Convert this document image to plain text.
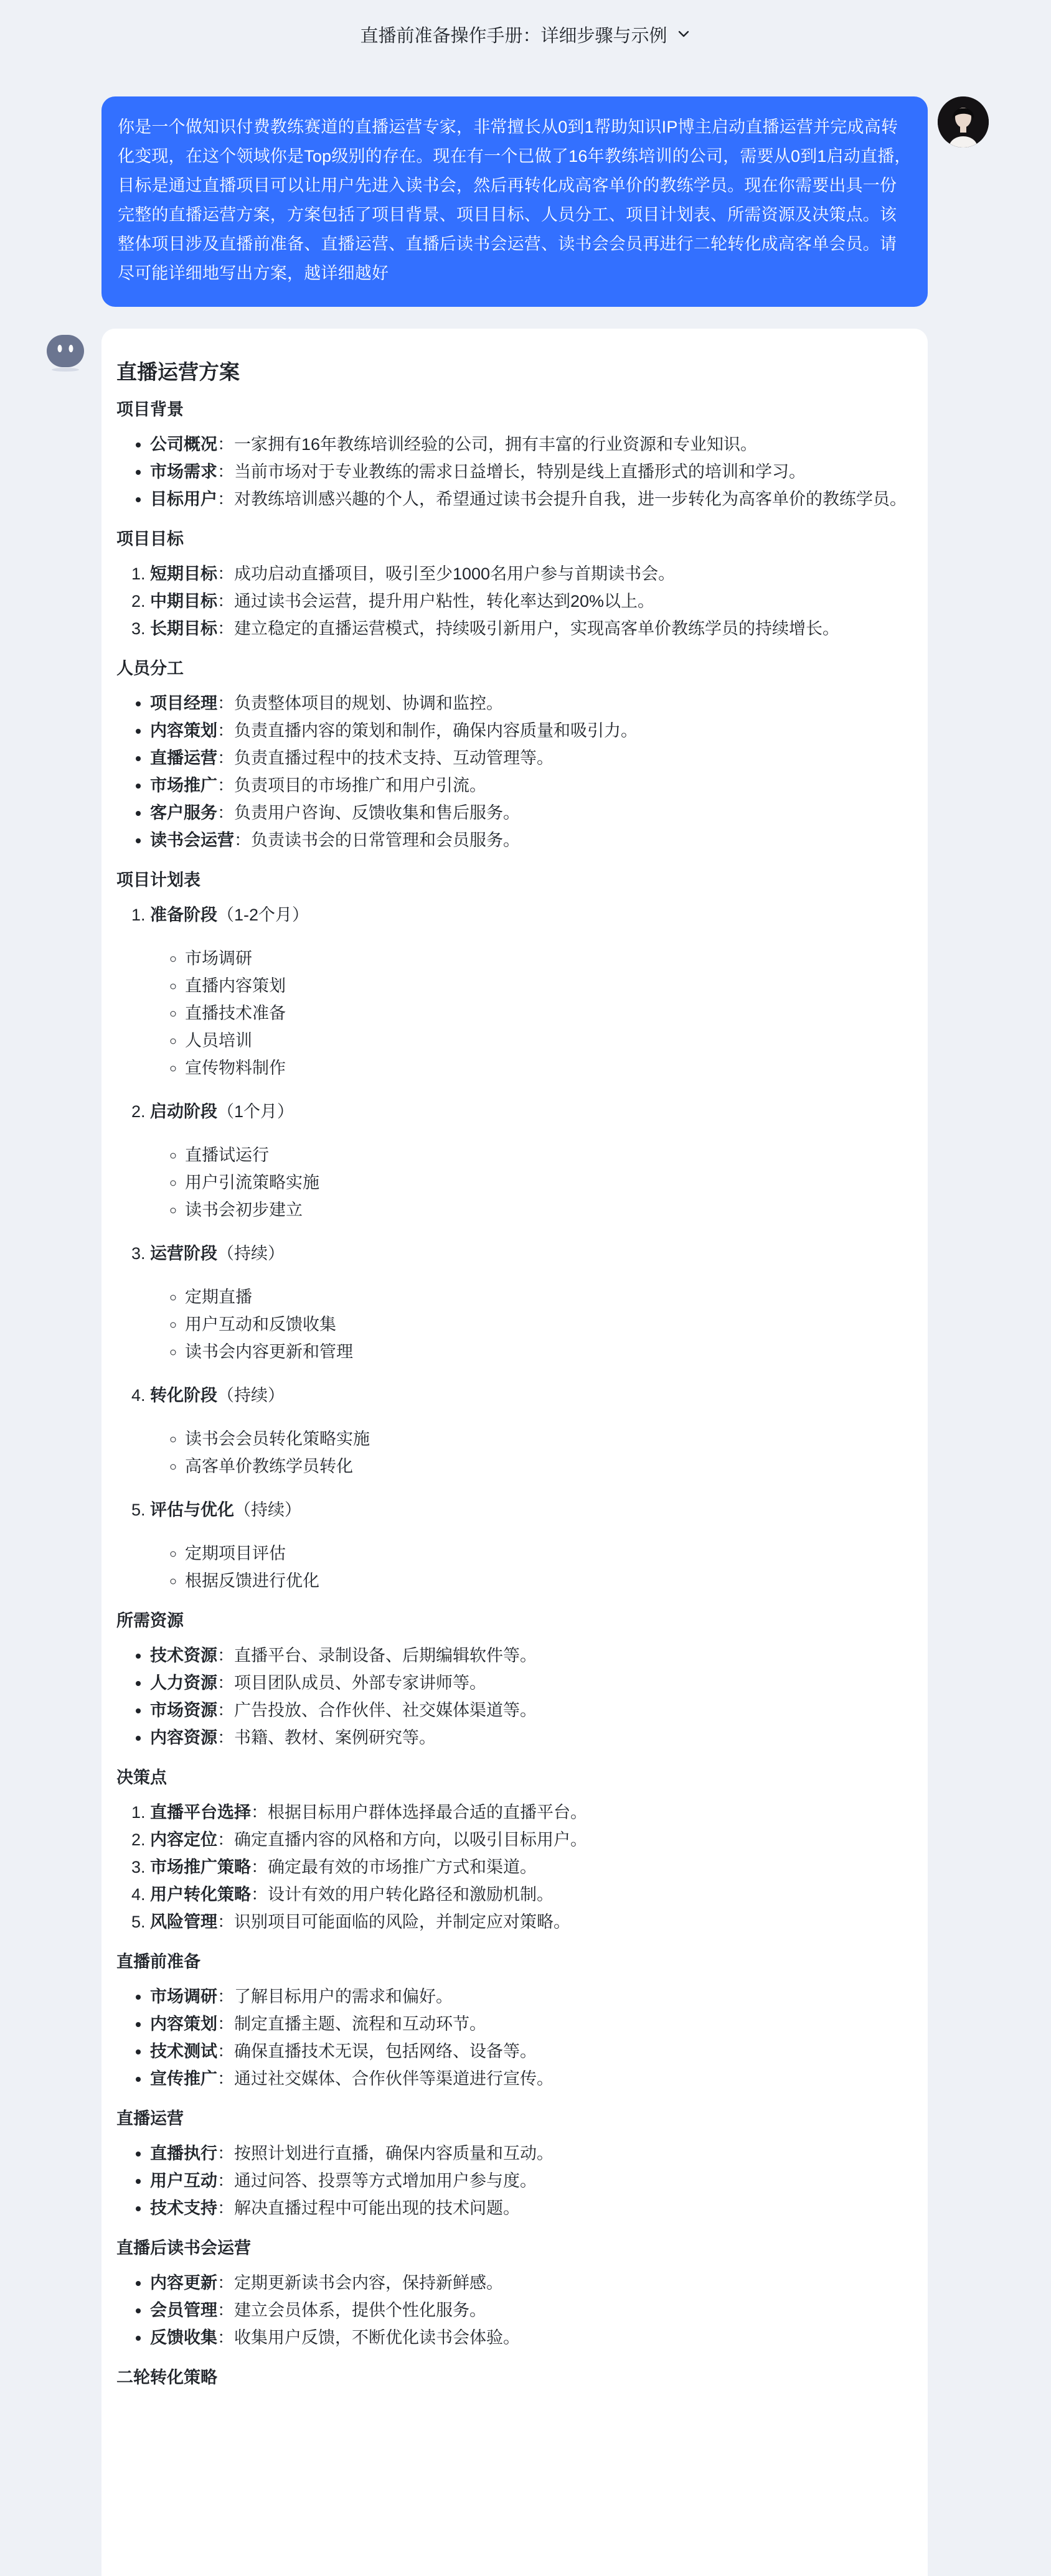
直播前准备操作手册：详细步骤与示例
你是一个做知识付费教练赛道的直播运营专家，非常擅长从0到1帮助知识IP博主启动直播运营并完成高转化变现，在这个领域你是Top级别的存在。现在有一个已做了16年教练培训的公司，需要从0到1启动直播，目标是通过直播项目可以让用户先进入读书会，然后再转化成高客单价的教练学员。现在你需要出具一份完整的直播运营方案，方案包括了项目背景、项目目标、人员分工、项目计划表、所需资源及决策点。该整体项目涉及直播前准备、直播运营、直播后读书会运营、读书会会员再进行二轮转化成高客单会员。请尽可能详细地写出方案，越详细越好
直播运营方案
项目背景
• 公司概况：一家拥有16年教练培训经验的公司，拥有丰富的行业资源和专业知识。
• 市场需求：当前市场对于专业教练的需求日益增长，特别是线上直播形式的培训和学习。
• 目标用户：对教练培训感兴趣的个人，希望通过读书会提升自我，进一步转化为高客单价的教练学员。
项目目标
1. 短期目标：成功启动直播项目，吸引至少1000名用户参与首期读书会。
2. 中期目标：通过读书会运营，提升用户粘性，转化率达到20%以上。
3. 长期目标：建立稳定的直播运营模式，持续吸引新用户，实现高客单价教练学员的持续增长。
人员分工
• 项目经理：负责整体项目的规划、协调和监控。
• 内容策划：负责直播内容的策划和制作，确保内容质量和吸引力。
• 直播运营：负责直播过程中的技术支持、互动管理等。
• 市场推广：负责项目的市场推广和用户引流。
• 客户服务：负责用户咨询、反馈收集和售后服务。
• 读书会运营：负责读书会的日常管理和会员服务。
项目计划表
1. 准备阶段（1-2个月）
◦ 市场调研
◦ 直播内容策划
◦ 直播技术准备
◦ 人员培训
◦ 宣传物料制作
2. 启动阶段（1个月）
◦ 直播试运行
◦ 用户引流策略实施
◦ 读书会初步建立
3. 运营阶段（持续）
◦ 定期直播
◦ 用户互动和反馈收集
◦ 读书会内容更新和管理
4. 转化阶段（持续）
◦ 读书会会员转化策略实施
◦ 高客单价教练学员转化
5. 评估与优化（持续）
◦ 定期项目评估
◦ 根据反馈进行优化
所需资源
• 技术资源：直播平台、录制设备、后期编辑软件等。
• 人力资源：项目团队成员、外部专家讲师等。
• 市场资源：广告投放、合作伙伴、社交媒体渠道等。
• 内容资源：书籍、教材、案例研究等。
决策点
1. 直播平台选择：根据目标用户群体选择最合适的直播平台。
2. 内容定位：确定直播内容的风格和方向，以吸引目标用户。
3. 市场推广策略：确定最有效的市场推广方式和渠道。
4. 用户转化策略：设计有效的用户转化路径和激励机制。
5. 风险管理：识别项目可能面临的风险，并制定应对策略。
直播前准备
• 市场调研：了解目标用户的需求和偏好。
• 内容策划：制定直播主题、流程和互动环节。
• 技术测试：确保直播技术无误，包括网络、设备等。
• 宣传推广：通过社交媒体、合作伙伴等渠道进行宣传。
直播运营
• 直播执行：按照计划进行直播，确保内容质量和互动。
• 用户互动：通过问答、投票等方式增加用户参与度。
• 技术支持：解决直播过程中可能出现的技术问题。
直播后读书会运营
• 内容更新：定期更新读书会内容，保持新鲜感。
• 会员管理：建立会员体系，提供个性化服务。
• 反馈收集：收集用户反馈，不断优化读书会体验。
二轮转化策略
